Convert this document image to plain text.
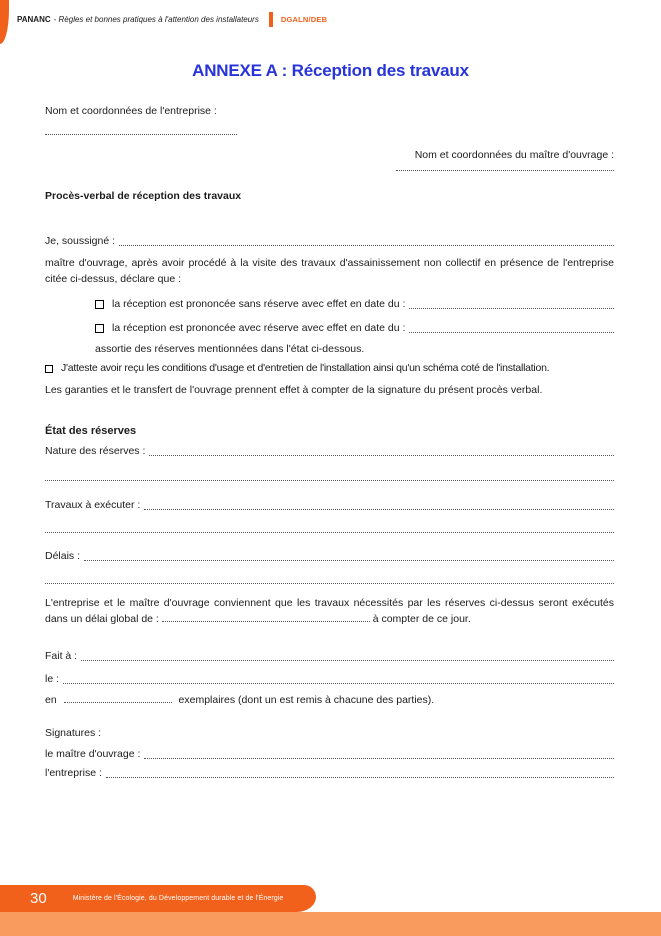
PANANC - Règles et bonnes pratiques à l'attention des installateurs	DGALN/DEB
ANNEXE A : Réception des travaux
Nom et coordonnées de l'entreprise :
Nom et coordonnées du maître d'ouvrage :
Procès-verbal de réception des travaux
Je, soussigné :
maître d'ouvrage, après avoir procédé à la visite des travaux d'assainissement non collectif en présence de l'entreprise citée ci-dessus, déclare que :
la réception est prononcée sans réserve avec effet en date du :
la réception est prononcée avec réserve avec effet en date du :
assortie des réserves mentionnées dans l'état ci-dessous.
J'atteste avoir reçu les conditions d'usage et d'entretien de l'installation ainsi qu'un schéma coté de l'installation.
Les garanties et le transfert de l'ouvrage prennent effet à compter de la signature du présent procès verbal.
État des réserves
Nature des réserves :
Travaux à exécuter :
Délais :
L'entreprise et le maître d'ouvrage conviennent que les travaux nécessités par les réserves ci-dessus seront exécutés dans un délai global de :	à compter de ce jour.
Fait à :
le :
en	exemplaires (dont un est remis à chacune des parties).
Signatures :
le maître d'ouvrage :
l'entreprise :
30	Ministère de l'Écologie, du Développement durable et de l'Énergie
